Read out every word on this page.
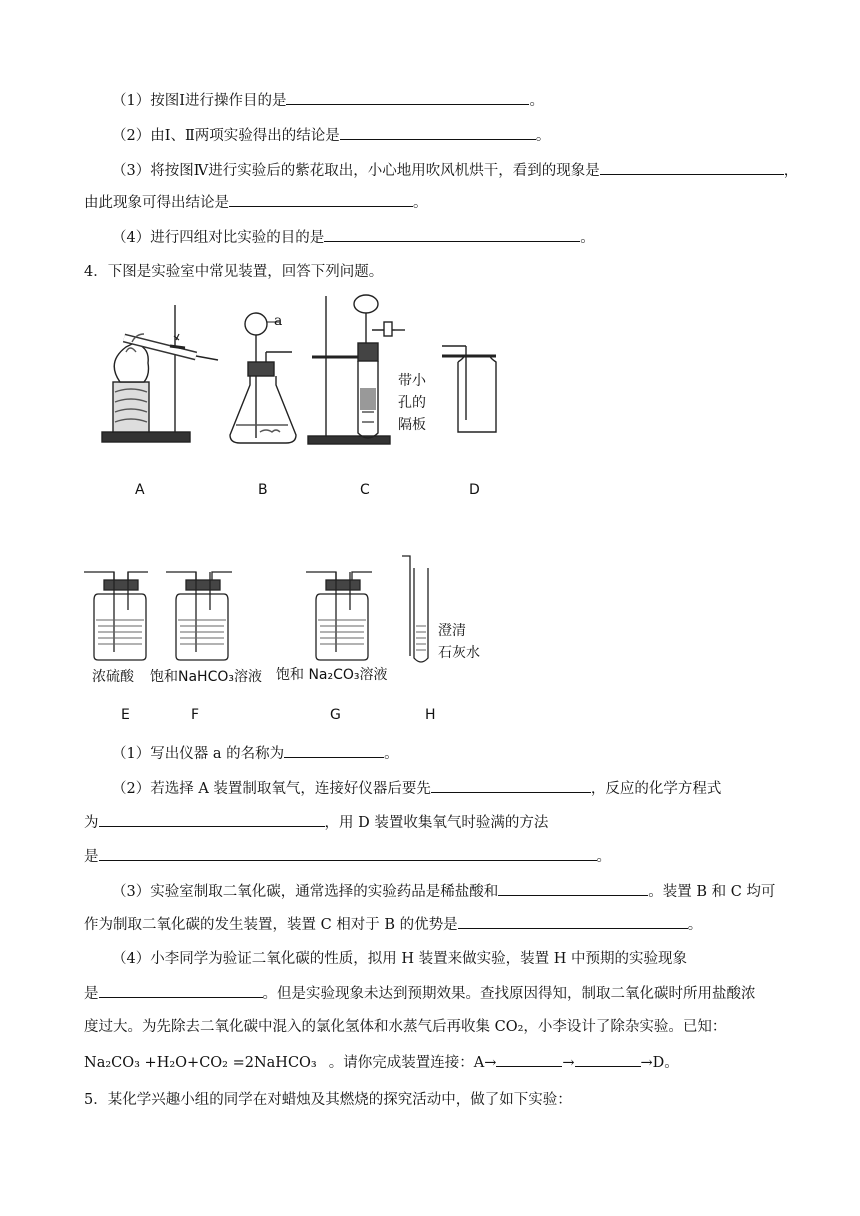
（1）按图Ⅰ进行操作目的是	。
（2）由Ⅰ、Ⅱ两项实验得出的结论是	。
（3）将按图Ⅳ进行实验后的紫花取出，小心地用吹风机烘干，看到的现象是	，
由此现象可得出结论是	。
（4）进行四组对比实验的目的是	。
4．下图是实验室中常见装置，回答下列问题。
a
带小
孔的
隔板
A	B	C	D
浓硫酸 饱和NaHCO₃溶液 饱和 Na₂CO₃溶液
澄清
石灰水
E	F	G	H
（1）写出仪器 a 的名称为	。
（2）若选择 A 装置制取氧气，连接好仪器后要先	，反应的化学方程式
为	，用 D 装置收集氧气时验满的方法
是	。
（3）实验室制取二氧化碳，通常选择的实验药品是稀盐酸和	。装置 B 和 C 均可
作为制取二氧化碳的发生装置，装置 C 相对于 B 的优势是	。
（4）小李同学为验证二氧化碳的性质，拟用 H 装置来做实验，装置 H 中预期的实验现象
是	。但是实验现象未达到预期效果。查找原因得知，制取二氧化碳时所用盐酸浓
度过大。为先除去二氧化碳中混入的氯化氢体和水蒸气后再收集 CO₂，小李设计了除杂实验。已知：
Na₂CO₃ +H₂O+CO₂ =2NaHCO₃ 。请你完成装置连接：A→	→	→D。
5．某化学兴趣小组的同学在对蜡烛及其燃烧的探究活动中，做了如下实验：
